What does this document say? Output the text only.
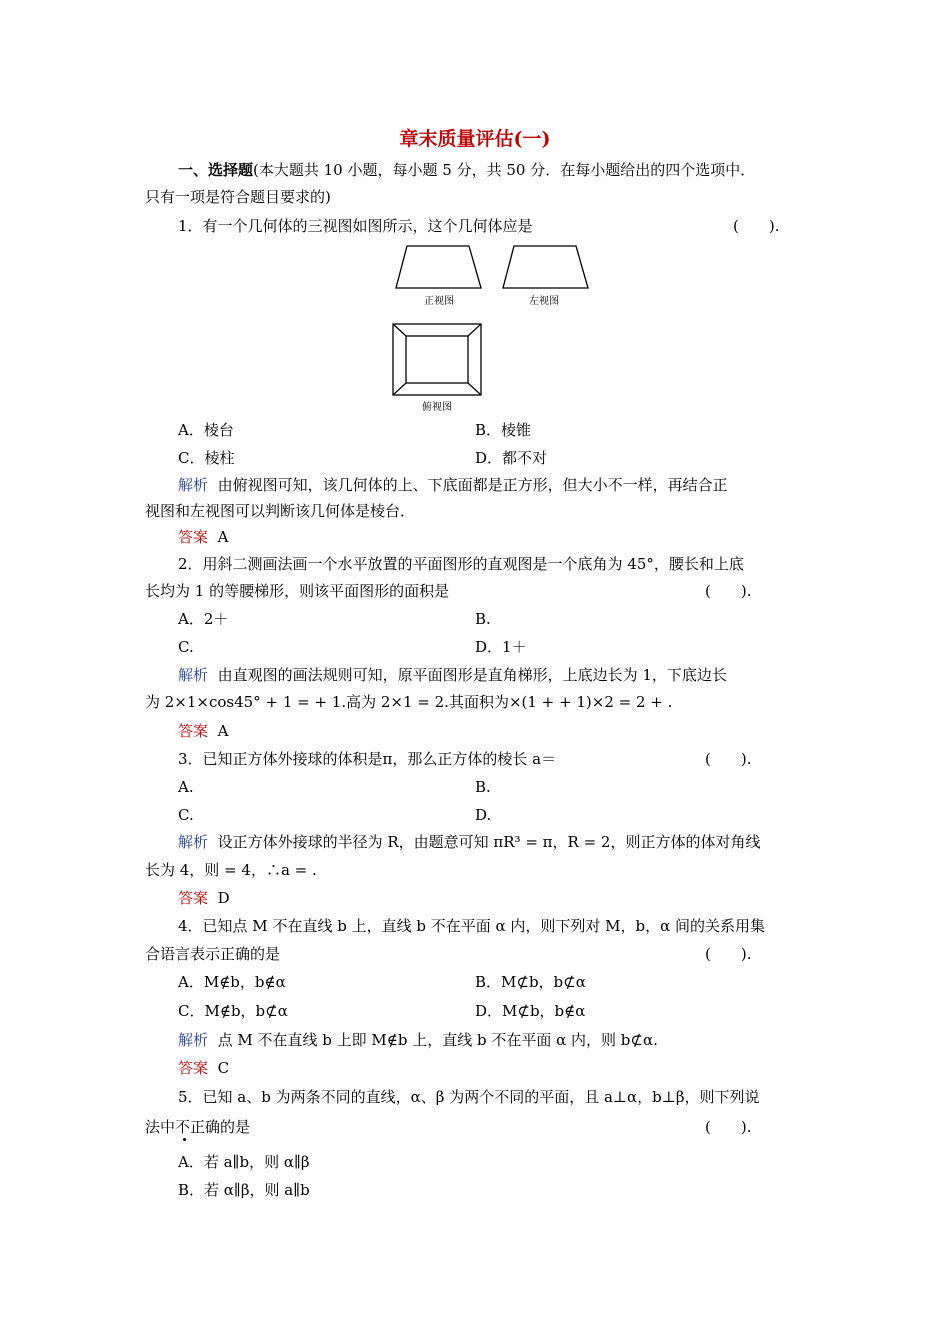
章末质量评估(一)
一、选择题(本大题共 10 小题，每小题 5 分，共 50 分．在每小题给出的四个选项中．
只有一项是符合题目要求的)
1．有一个几何体的三视图如图所示，这个几何体应是	(　　).
正视图	左视图
俯视图
A．棱台	B．棱锥
C．棱柱	D．都不对
解析 由俯视图可知，该几何体的上、下底面都是正方形，但大小不一样，再结合正
视图和左视图可以判断该几何体是棱台．
答案 A
2．用斜二测画法画一个水平放置的平面图形的直观图是一个底角为 45°，腰长和上底
长均为 1 的等腰梯形，则该平面图形的面积是	(　　).
A．2＋	B.
C.	D．1＋
解析 由直观图的画法规则可知，原平面图形是直角梯形，上底边长为 1，下底边长
为 2×1×cos45° + 1 = + 1.高为 2×1 = 2.其面积为×(1 + + 1)×2 = 2 + .
答案 A
3．已知正方体外接球的体积是π，那么正方体的棱长 a＝	(　　).
A.	B.
C.	D.
解析 设正方体外接球的半径为 R，由题意可知 πR³ = π，R = 2，则正方体的体对角线
长为 4，则 = 4，∴a = .
答案 D
4．已知点 M 不在直线 b 上，直线 b 不在平面 α 内，则下列对 M，b，α 间的关系用集
合语言表示正确的是	(　　).
A．M∉b，b∉α	B．M⊄b，b⊄α
C．M∉b，b⊄α	D．M⊄b，b∉α
解析 点 M 不在直线 b 上即 M∉b 上，直线 b 不在平面 α 内，则 b⊄α.
答案 C
5．已知 a、b 为两条不同的直线，α、β 为两个不同的平面，且 a⊥α，b⊥β，则下列说
法中不正确的是	(　　).
A．若 a∥b，则 α∥β
B．若 α∥β，则 a∥b
